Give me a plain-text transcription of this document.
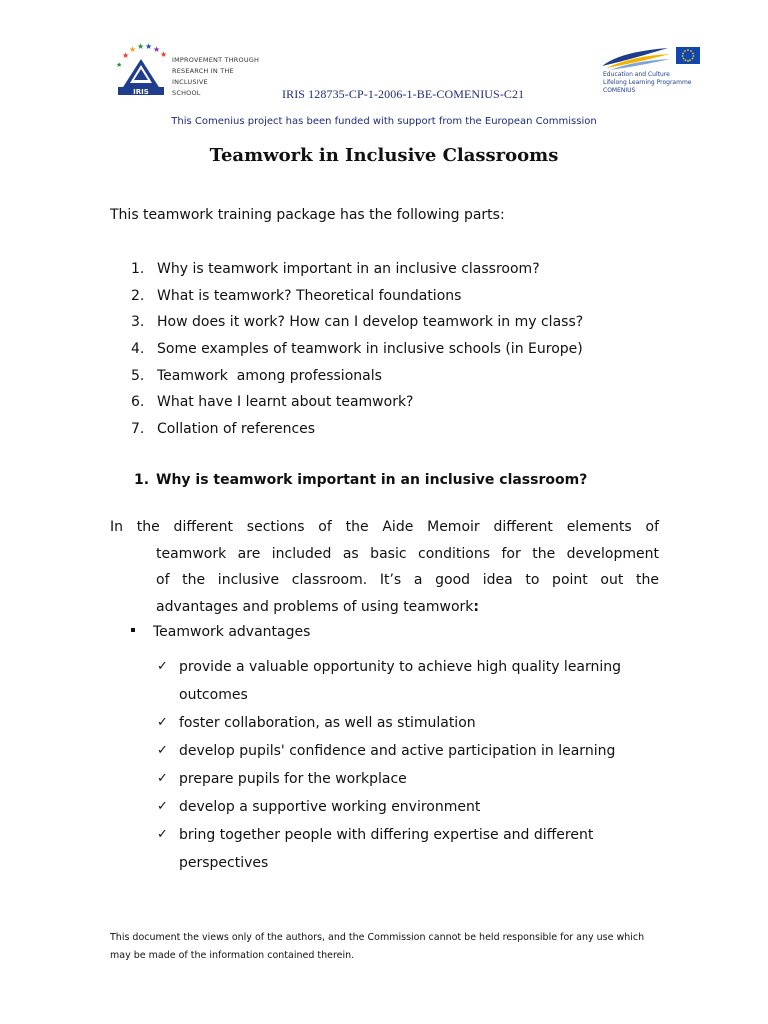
★
★ ★ ★ ★
★
★
IRIS
IMPROVEMENT THROUGH
RESEARCH IN THE
INCLUSIVE
SCHOOL	IRIS 128735-CP-1-2006-1-BE-COMENIUS-C21
Education and Culture
Lifelong Learning Programme
COMENIUS
This Comenius project has been funded with support from the European Commission
Teamwork in Inclusive Classrooms
This teamwork training package has the following parts:
1. Why is teamwork important in an inclusive classroom?
2. What is teamwork? Theoretical foundations
3. How does it work? How can I develop teamwork in my class?
4. Some examples of teamwork in inclusive schools (in Europe)
5. Teamwork  among professionals
6. What have I learnt about teamwork?
7. Collation of references
1. Why is teamwork important in an inclusive classroom?
In the different sections of the Aide Memoir different elements of
teamwork are included as basic conditions for the development
of the inclusive classroom. It’s a good idea to point out the
advantages and problems of using teamwork:
Teamwork advantages
✓ provide a valuable opportunity to achieve high quality learning outcomes
✓ foster collaboration, as well as stimulation
✓ develop pupils' confidence and active participation in learning
✓ prepare pupils for the workplace
✓ develop a supportive working environment
✓ bring together people with differing expertise and different perspectives
This document the views only of the authors, and the Commission cannot be held responsible for any use which may be made of the information contained therein.
